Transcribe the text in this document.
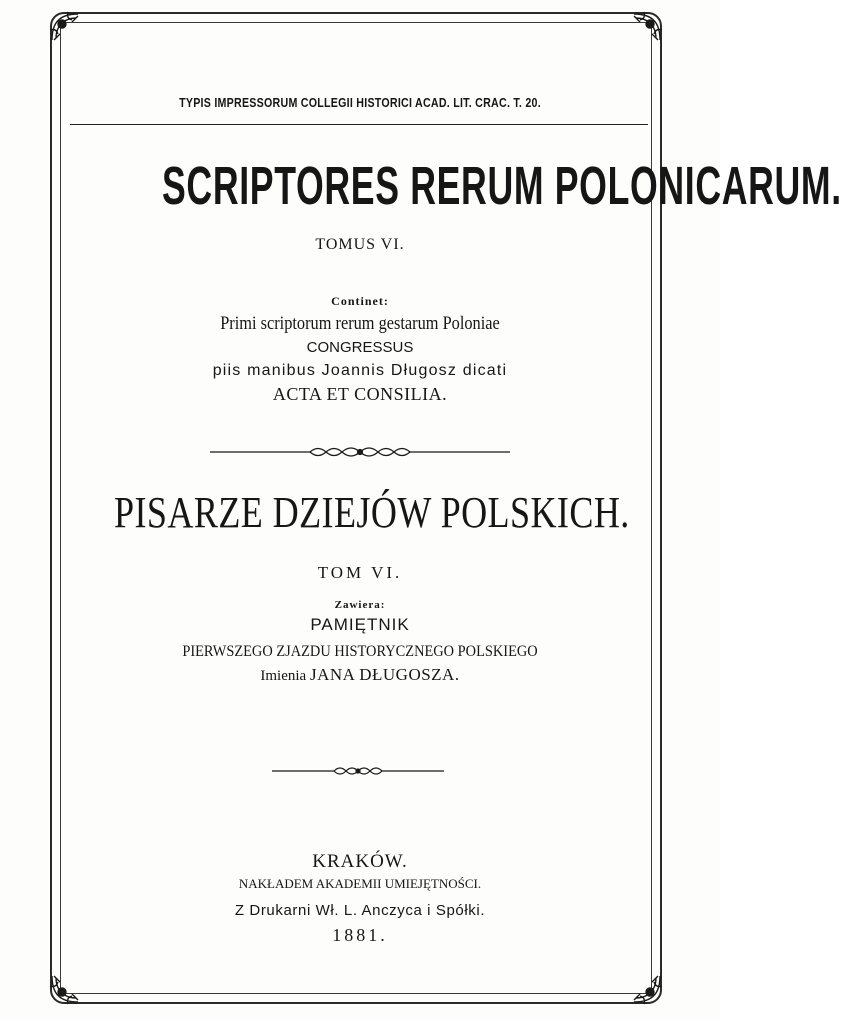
TYPIS IMPRESSORUM COLLEGII HISTORICI ACAD. LIT. CRAC. T. 20.
SCRIPTORES RERUM POLONICARUM.
TOMUS VI.
Continet:
Primi scriptorum rerum gestarum Poloniae
CONGRESSUS
piis manibus Joannis Długosz dicati
ACTA ET CONSILIA.
PISARZE DZIEJÓW POLSKICH.
TOM VI.
Zawiera:
PAMIĘTNIK
PIERWSZEGO ZJAZDU HISTORYCZNEGO POLSKIEGO
Imienia JANA DŁUGOSZA.
KRAKÓW.
NAKŁADEM AKADEMII UMIEJĘTNOŚCI.
Z Drukarni Wł. L. Anczyca i Spółki.
1881.
